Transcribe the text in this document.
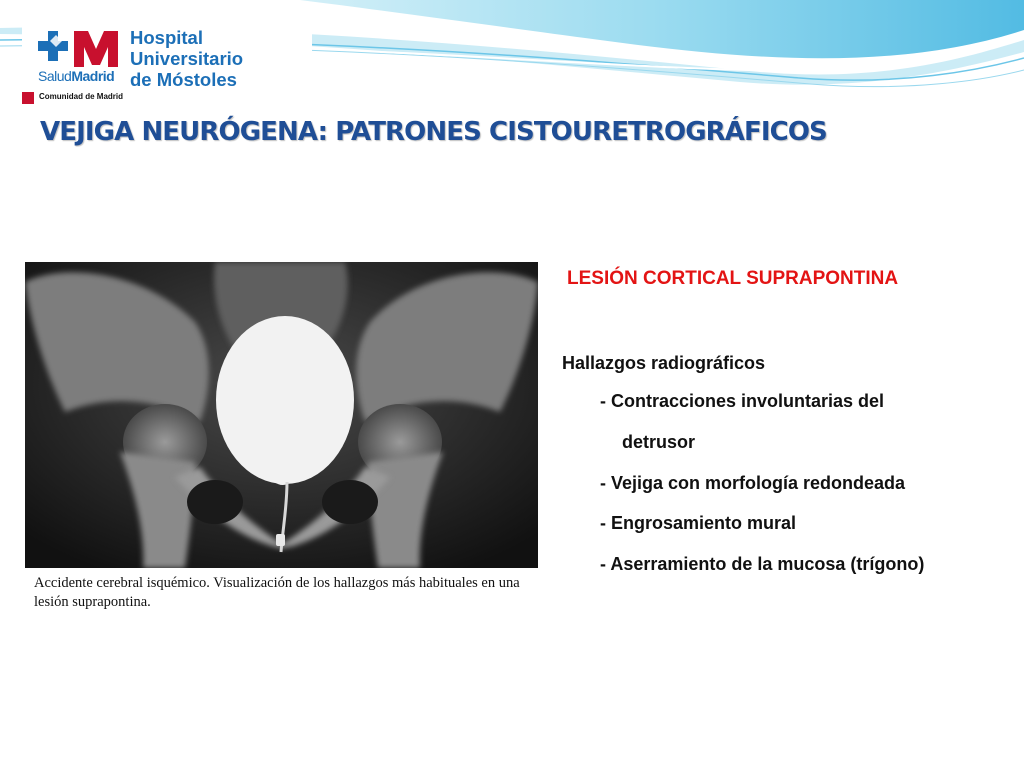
Hospital Universitario
de Móstoles
SaludMadrid
Comunidad de Madrid
VEJIGA NEURÓGENA: PATRONES CISTOURETROGRÁFICOS
Accidente cerebral isquémico. Visualización de los hallazgos más habituales en una lesión suprapontina.
LESIÓN CORTICAL SUPRAPONTINA
Hallazgos radiográficos
- Contracciones involuntarias del
detrusor
- Vejiga con morfología redondeada
- Engrosamiento mural
- Aserramiento de la mucosa (trígono)
